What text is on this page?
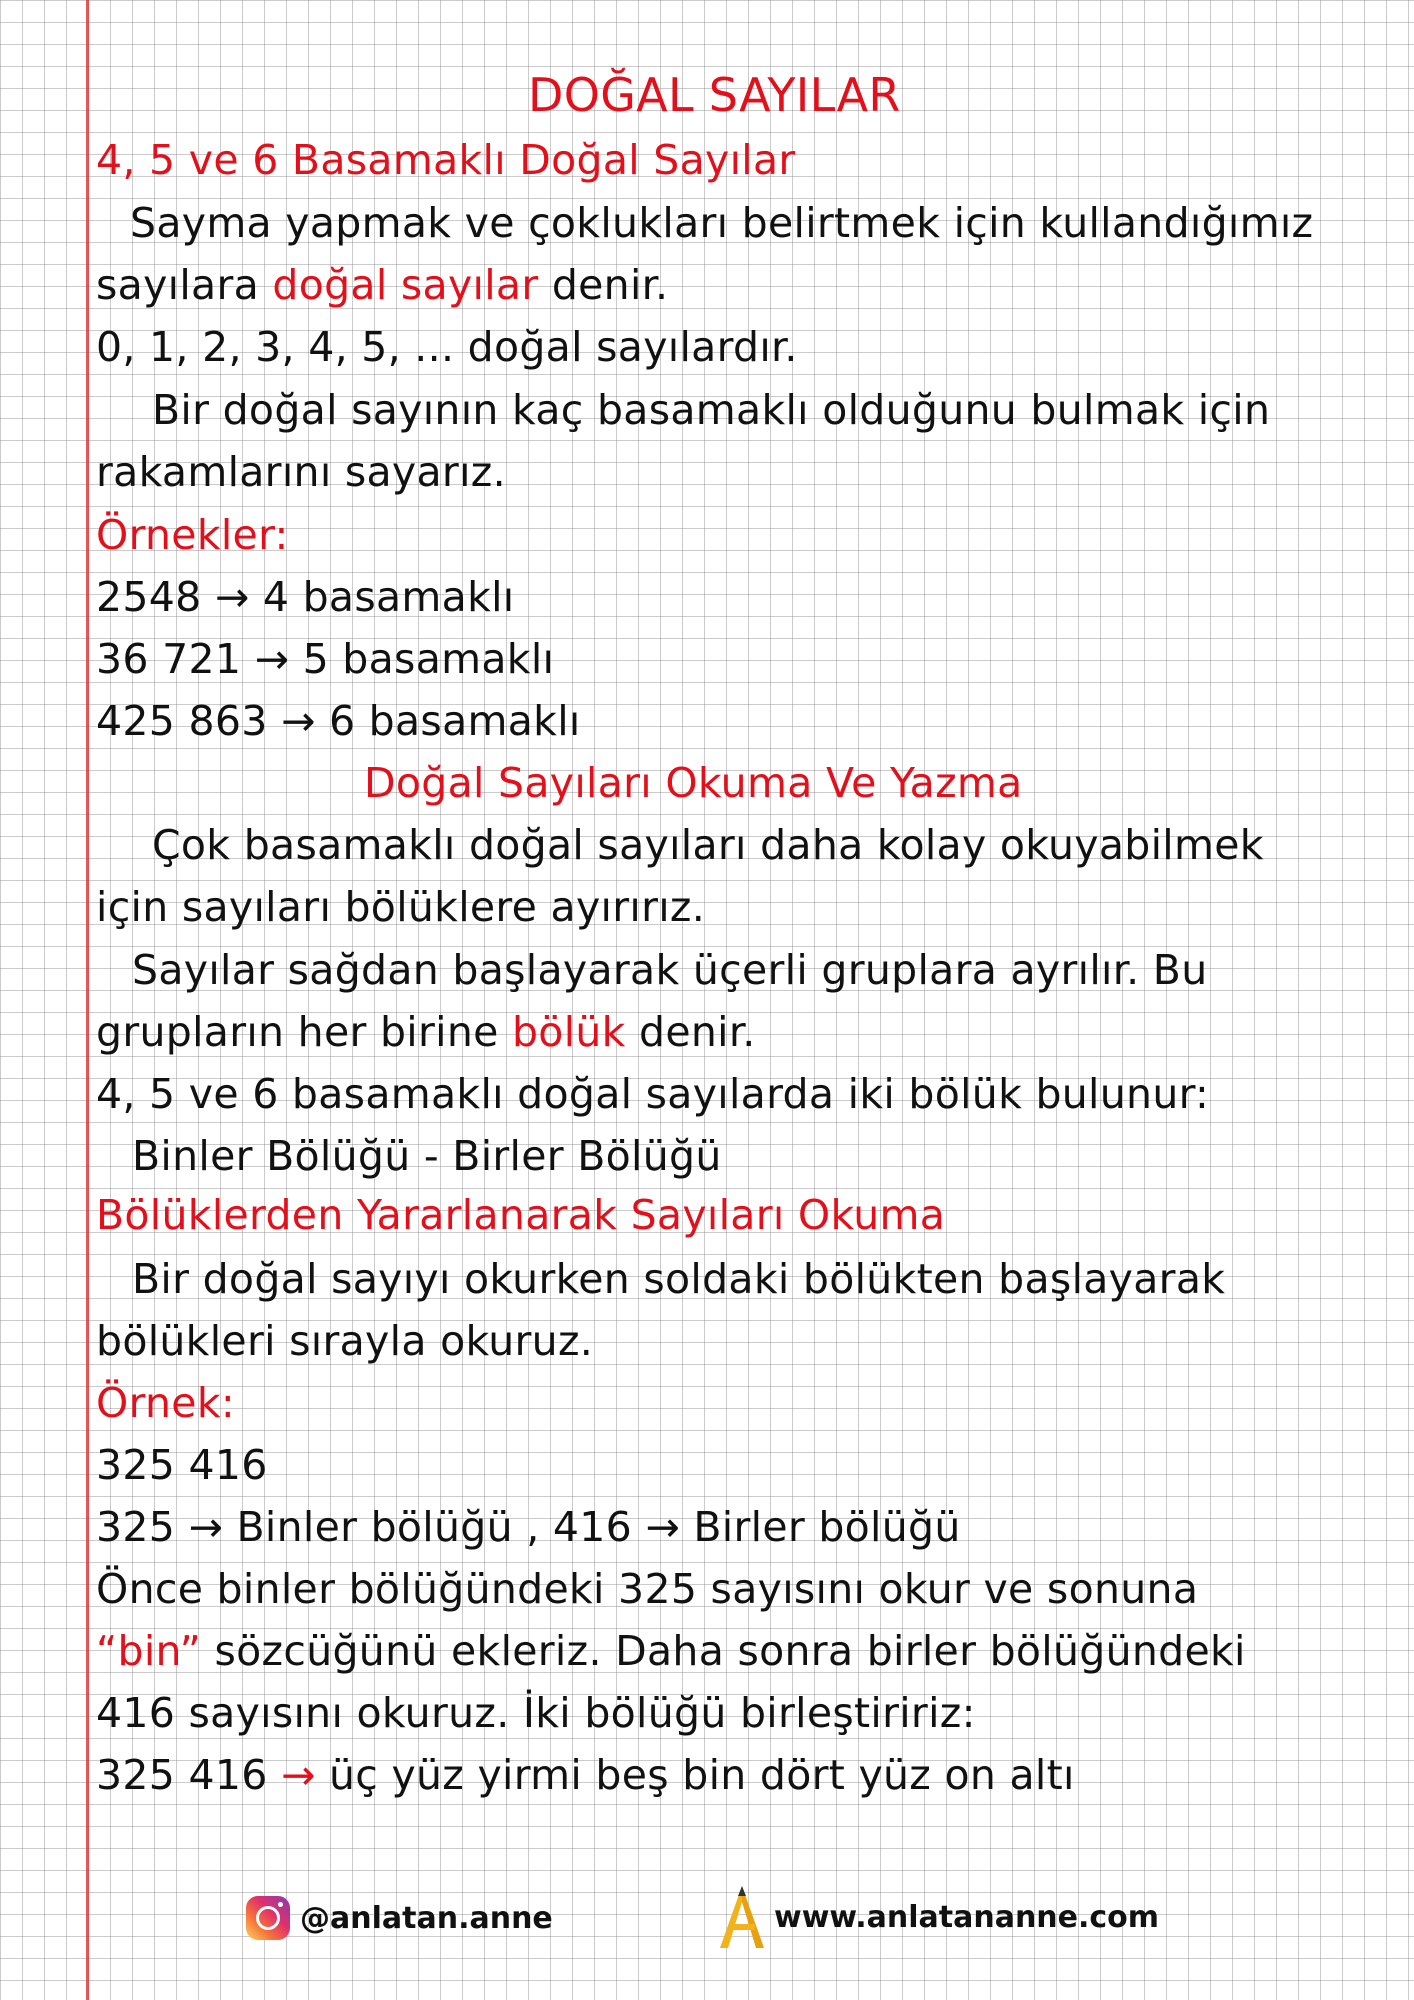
DOĞAL SAYILAR
4, 5 ve 6 Basamaklı Doğal Sayılar
Sayma yapmak ve çoklukları belirtmek için kullandığımız
sayılara doğal sayılar denir.
0, 1, 2, 3, 4, 5, ... doğal sayılardır.
Bir doğal sayının kaç basamaklı olduğunu bulmak için
rakamlarını sayarız.
Örnekler:
2548 → 4 basamaklı
36 721 → 5 basamaklı
425 863 → 6 basamaklı
Doğal Sayıları Okuma Ve Yazma
Çok basamaklı doğal sayıları daha kolay okuyabilmek
için sayıları bölüklere ayırırız.
Sayılar sağdan başlayarak üçerli gruplara ayrılır. Bu
grupların her birine bölük denir.
4, 5 ve 6 basamaklı doğal sayılarda iki bölük bulunur:
Binler Bölüğü - Birler Bölüğü
Bölüklerden Yararlanarak Sayıları Okuma
Bir doğal sayıyı okurken soldaki bölükten başlayarak
bölükleri sırayla okuruz.
Örnek:
325 416
325 → Binler bölüğü , 416 → Birler bölüğü
Önce binler bölüğündeki 325 sayısını okur ve sonuna
“bin” sözcüğünü ekleriz. Daha sonra birler bölüğündeki
416 sayısını okuruz. İki bölüğü birleştiririz:
325 416 → üç yüz yirmi beş bin dört yüz on altı
@anlatan.anne
A
www.anlatananne.com
